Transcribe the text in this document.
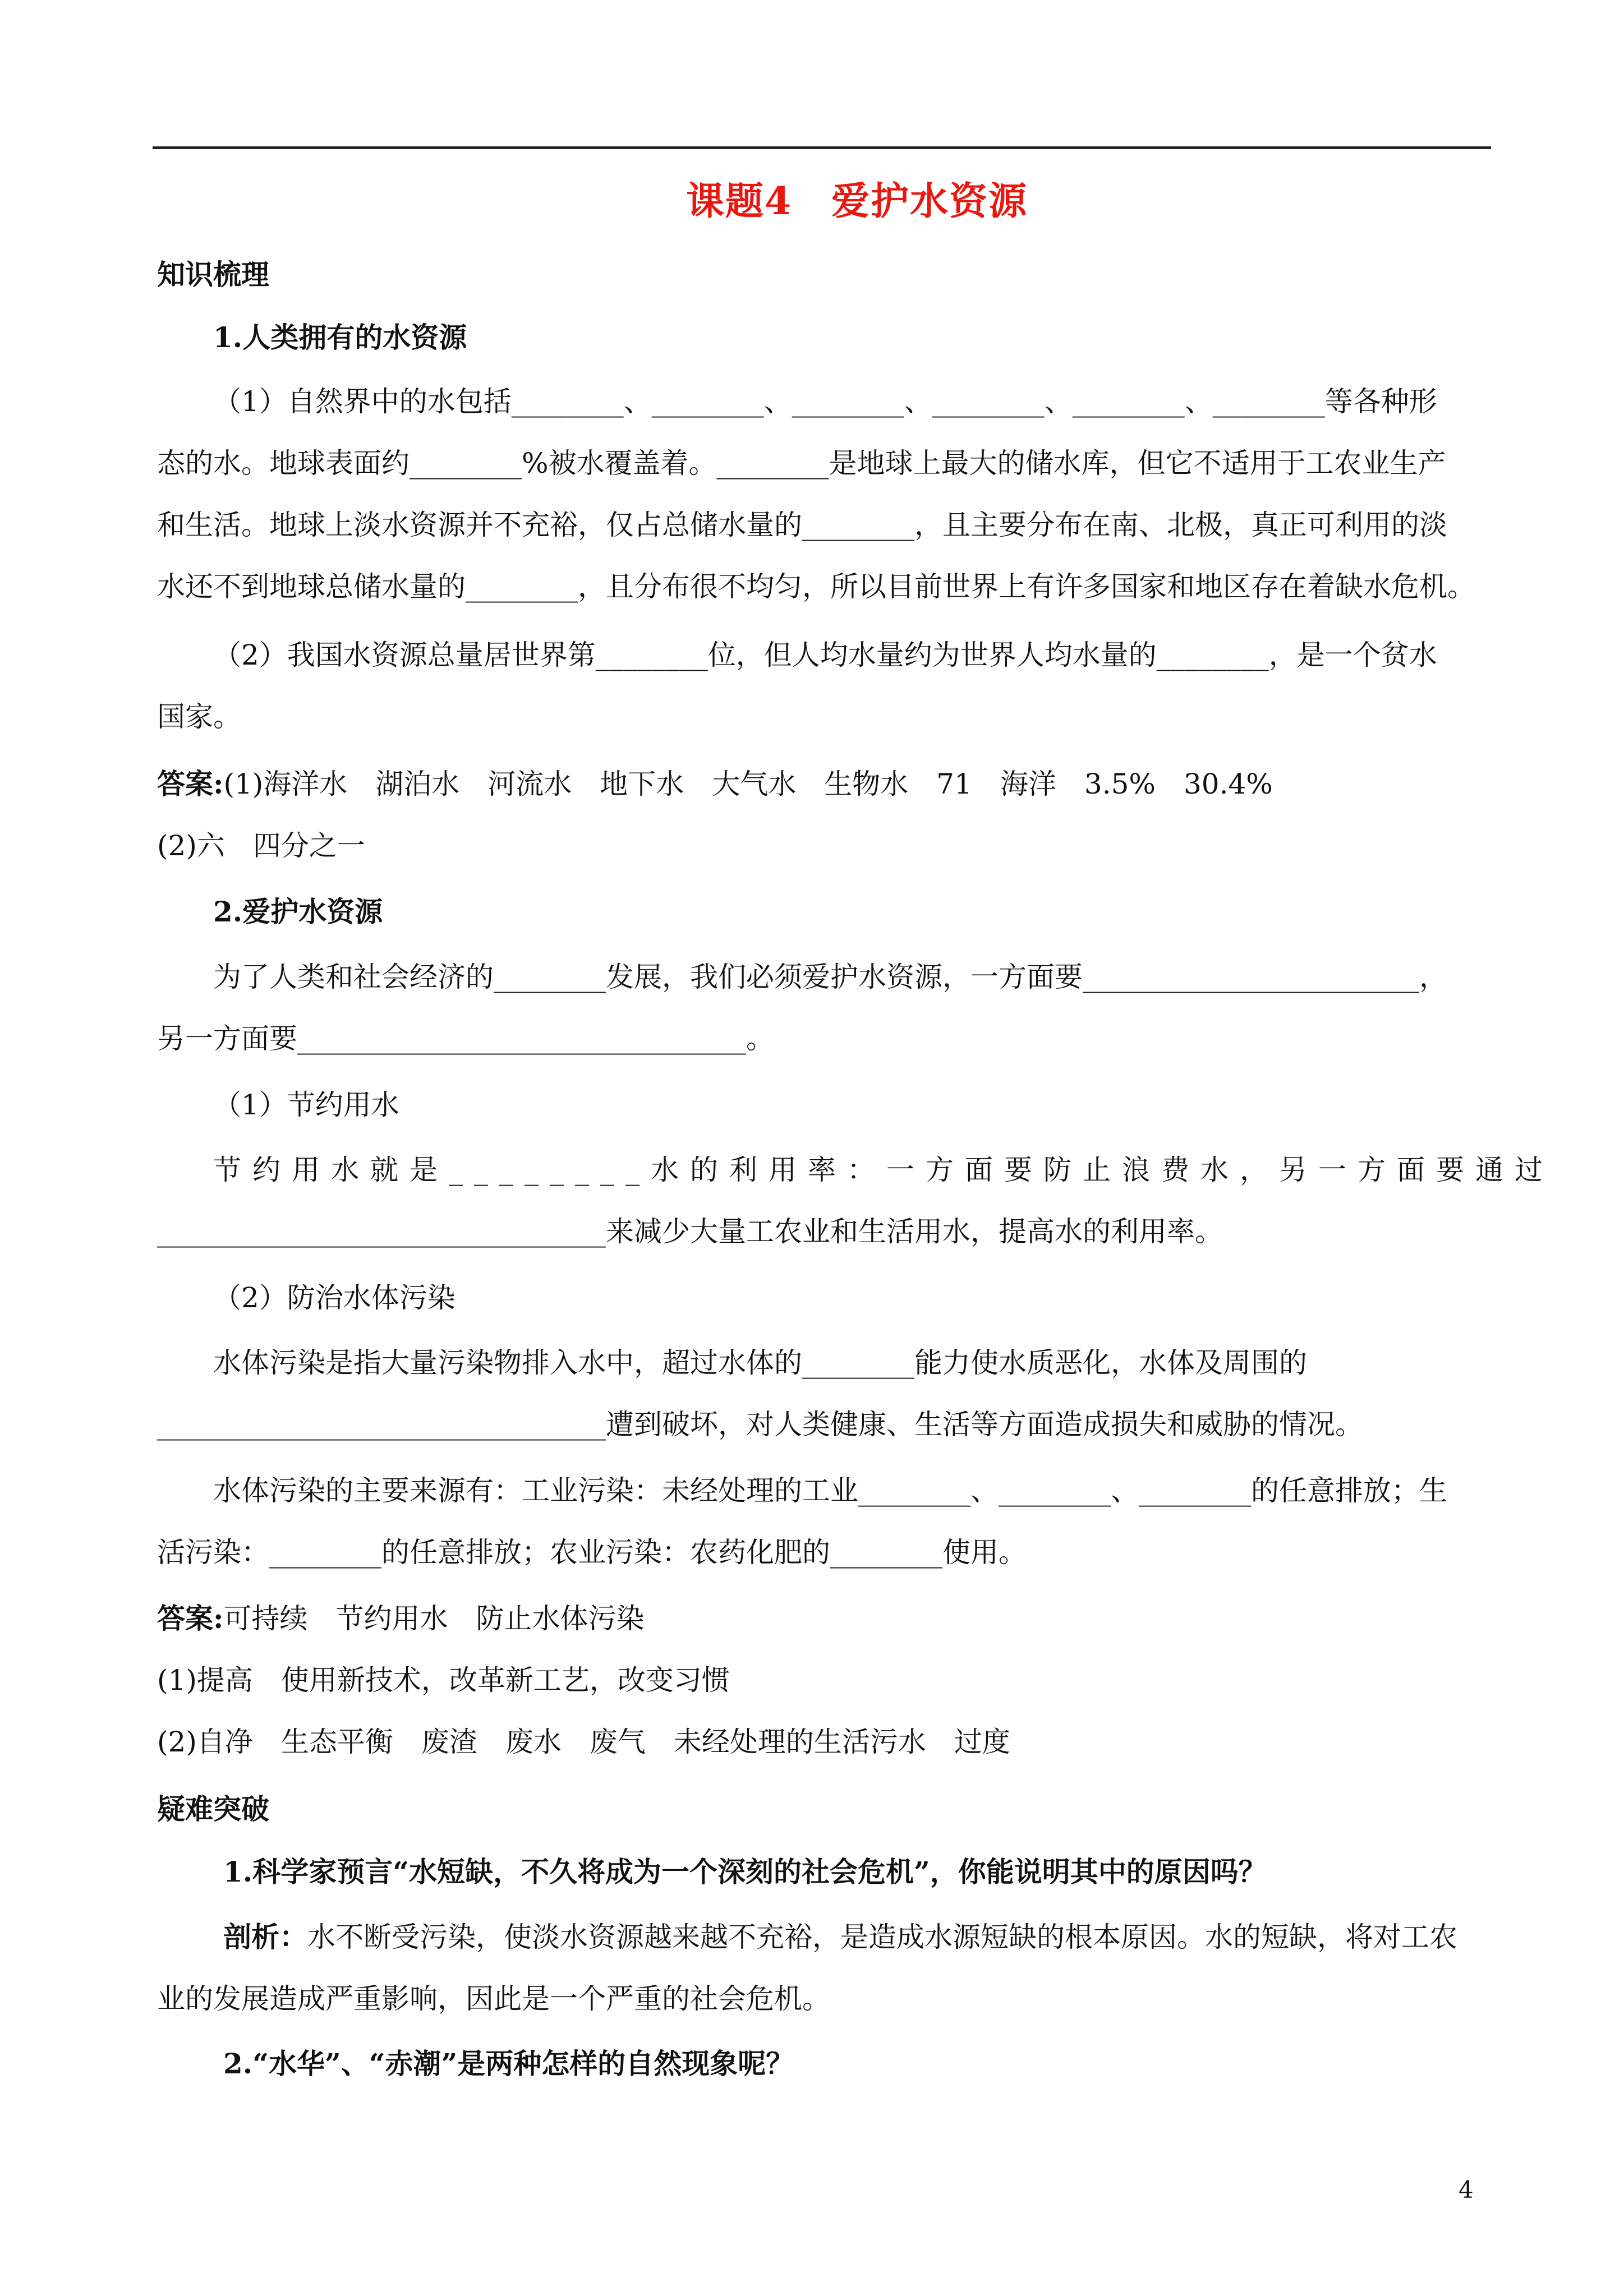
课题4　爱护水资源
知识梳理
1.人类拥有的水资源
（1）自然界中的水包括________、________、________、________、________、________等各种形
态的水。地球表面约________%被水覆盖着。________是地球上最大的储水库，但它不适用于工农业生产
和生活。地球上淡水资源并不充裕，仅占总储水量的________，且主要分布在南、北极，真正可利用的淡
水还不到地球总储水量的________，且分布很不均匀，所以目前世界上有许多国家和地区存在着缺水危机。
（2）我国水资源总量居世界第________位，但人均水量约为世界人均水量的________，是一个贫水
国家。
答案:(1)海洋水　湖泊水　河流水　地下水　大气水　生物水　71　海洋　3.5%　30.4%
(2)六　四分之一
2.爱护水资源
为了人类和社会经济的________发展，我们必须爱护水资源，一方面要________________________，
另一方面要________________________________。
（1）节约用水
节约用水就是________水的利用率：一方面要防止浪费水，另一方面要通过
________________________________来减少大量工农业和生活用水，提高水的利用率。
（2）防治水体污染
水体污染是指大量污染物排入水中，超过水体的________能力使水质恶化，水体及周围的
________________________________遭到破坏，对人类健康、生活等方面造成损失和威胁的情况。
水体污染的主要来源有：工业污染：未经处理的工业________、________、________的任意排放；生
活污染：________的任意排放；农业污染：农药化肥的________使用。
答案:可持续　节约用水　防止水体污染
(1)提高　使用新技术，改革新工艺，改变习惯
(2)自净　生态平衡　废渣　废水　废气　未经处理的生活污水　过度
疑难突破
1.科学家预言“水短缺，不久将成为一个深刻的社会危机”，你能说明其中的原因吗？
剖析：水不断受污染，使淡水资源越来越不充裕，是造成水源短缺的根本原因。水的短缺，将对工农
业的发展造成严重影响，因此是一个严重的社会危机。
2.“水华”、“赤潮”是两种怎样的自然现象呢？
4
